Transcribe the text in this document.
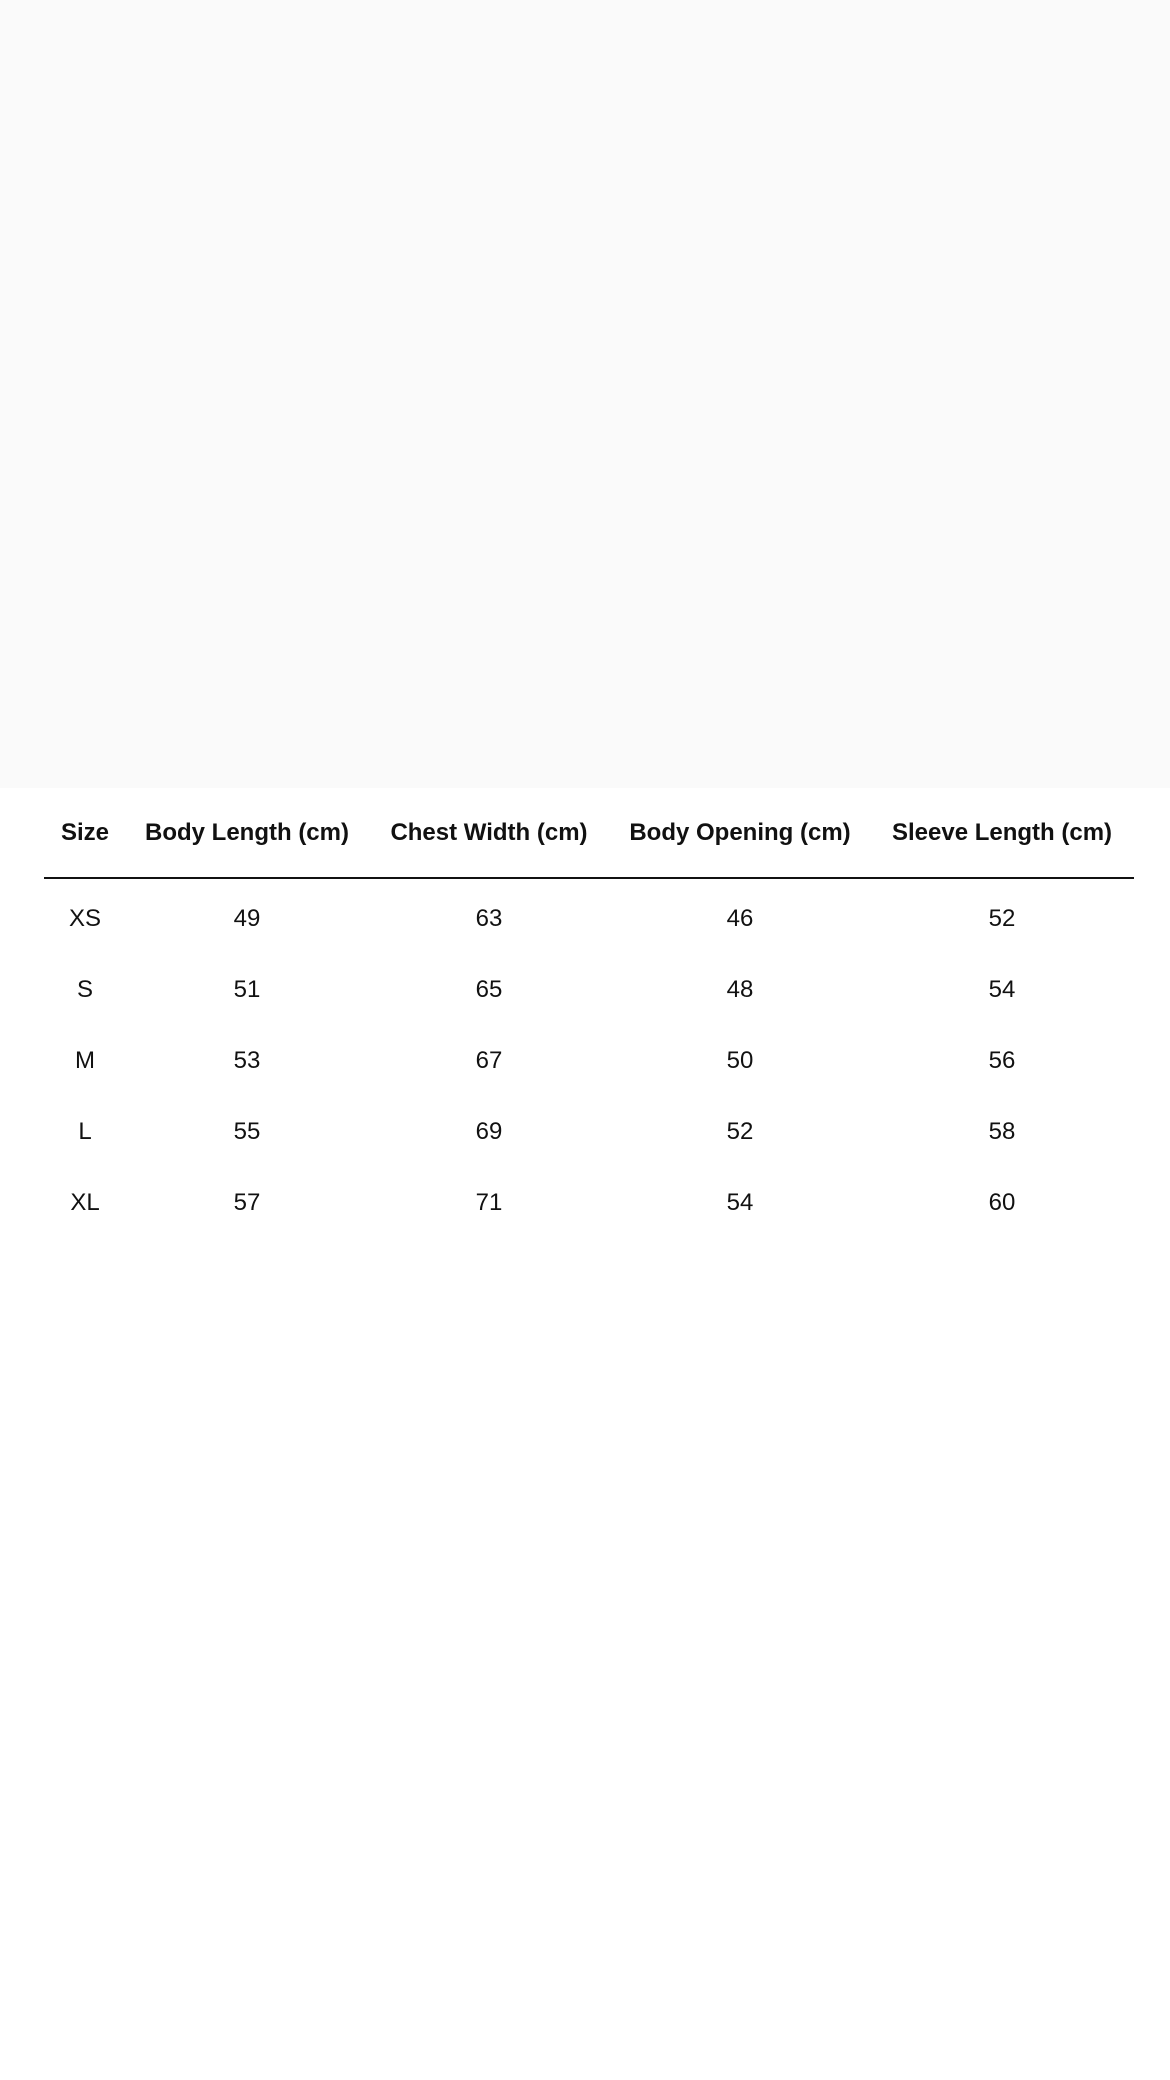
Size	Body Length (cm)	Chest Width (cm)	Body Opening (cm)	Sleeve Length (cm)
XS	49	63	46	52
S	51	65	48	54
M	53	67	50	56
L	55	69	52	58
XL	57	71	54	60
